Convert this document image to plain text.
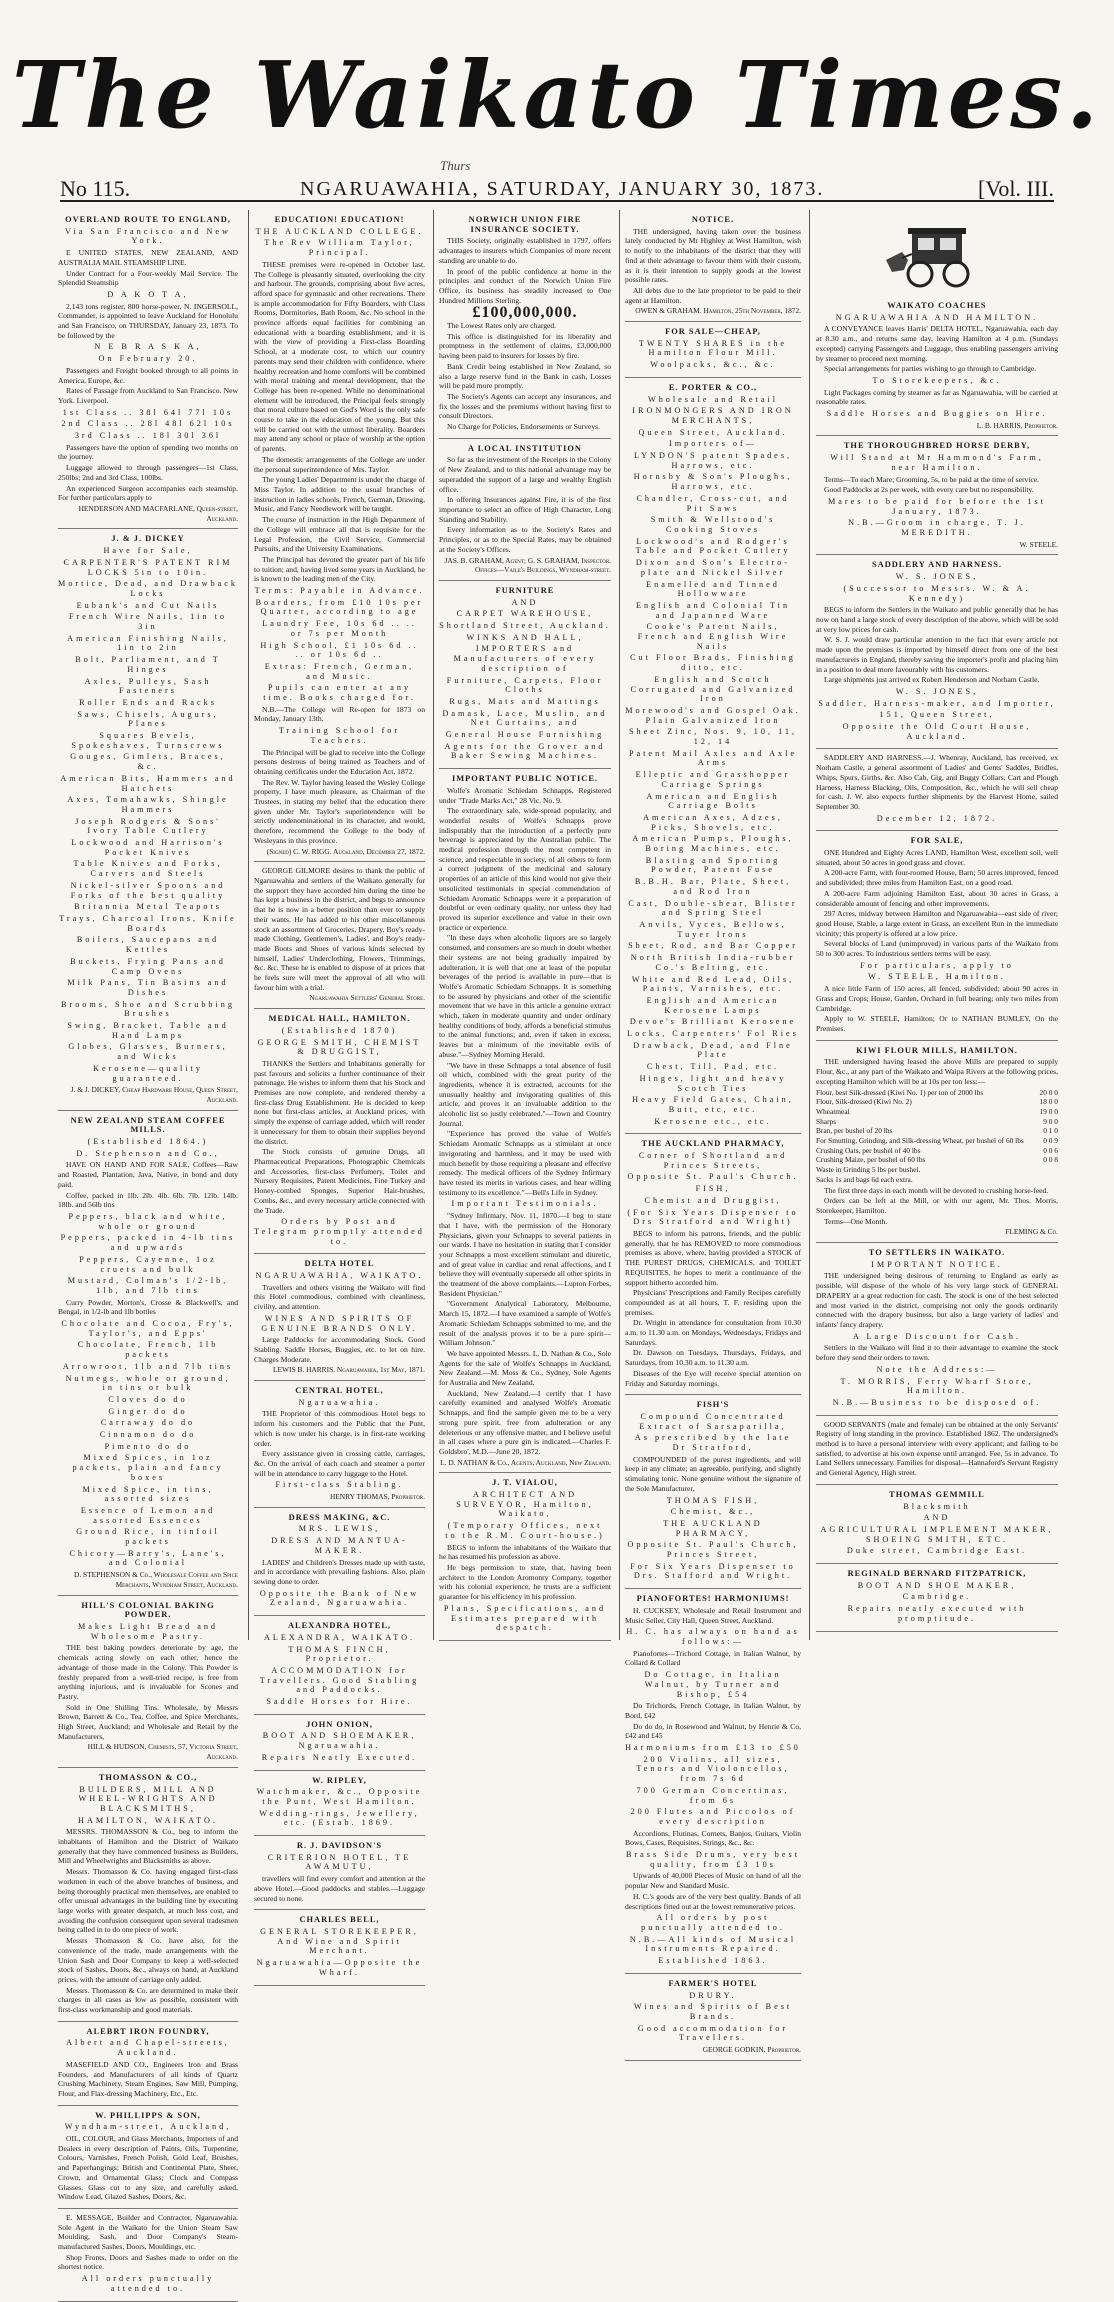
The Waikato Times.
No 115.
Thurs
NGARUAWAHIA, SATURDAY, JANUARY 30, 1873.	[Vol. III.
OVERLAND ROUTE TO ENGLAND,
Via San Francisco and New York.

E UNITED STATES, NEW ZEALAND, AND AUSTRALIA MAIL STEAMSHIP LINE.

Under Contract for a Four-weekly Mail Service. The Splendid Steamship

D A K O T A,

2,143 tons register, 800 horse-power, N. INGERSOLL, Commander, is appointed to leave Auckland for Honolulu and San Francisco, on THURSDAY, January 23, 1873. To be followed by the

N E B R A S K A,
On February 20.

Passengers and Freight booked through to all points in America, Europe, &c.

Rates of Passage from Auckland to San Francisco. New York. Liverpool.

1st Class .. 38l 64l 77l 10s
2nd Class .. 28l 48l 62l 10s
3rd Class .. 18l 30l 36l

Passengers have the option of spending two months on the journey.

Luggage allowed to through passengers—1st Class, 250lbs; 2nd and 3rd Class, 100lbs.

An experienced Surgeon accompanies each steamship. For further particulars apply to

HENDERSON AND MACFARLANE, Queen-street, Auckland.
J. & J. DICKEY
Have for Sale,
CARPENTER'S PATENT RIM LOCKS 5in to 10in.
Mortice, Dead, and Drawback Locks
Eubank's and Cut Nails
French Wire Nails, 1in to 3in
American Finishing Nails, 1in to 2in
Bolt, Parliament, and T Hinges
Axles, Pulleys, Sash Fasteners
Roller Ends and Racks
Saws, Chisels, Augurs, Planes
Squares Bevels, Spokeshaves, Turnscrews
Gouges, Gimlets, Braces, &c.
American Bits, Hammers and Hatchets
Axes, Tomahawks, Shingle Hammers
Joseph Rodgers & Sons' Ivory Table Cutlery
Lockwood and Harrison's Pocket Knives
Table Knives and Forks, Carvers and Steels
Nickel-silver Spoons and Forks of the best quality
Britannia Metal Teapots
Trays, Charcoal Irons, Knife Boards
Boilers, Saucepans and Kettles
Buckets, Frying Pans and Camp Ovens
Milk Pans, Tin Basins and Dishes
Brooms, Shoe and Scrubbing Brushes
Swing, Bracket, Table and Hand Lamps
Globes, Glasses, Burners, and Wicks
Kerosene—quality guaranteed.
J. & J. DICKEY, Cheap Hardware House, Queen Street, Auckland.
NEW ZEALAND STEAM COFFEE MILLS.
(Established 1864.)
D. Stephenson and Co.,

HAVE ON HAND AND FOR SALE, Coffees—Raw and Roasted, Plantation, Java, Native, in bond and duty paid.

Coffee, packed in 1lb. 2lb. 4lb. 6lb. 7lb. 12lb. 14lb. 18lb. and 56lb tins

Peppers, black and white, whole or ground
Peppers, packed in 4-lb tins and upwards
Peppers, Cayenne, 1oz cruets and bulk
Mustard, Colman's 1/2-lb, 1lb, and 7lb tins

Curry Powder, Morton's, Crosse & Blackwell's, and Bengal, in 1/2-lb and 1lb bottles

Chocolate and Cocoa, Fry's, Taylor's, and Epps'
Chocolate, French, 1lb packets
Arrowroot, 1lb and 7lb tins
Nutmegs, whole or ground, in tins or bulk
Cloves do do
Ginger do do
Carraway do do
Cinnamon do do
Pimento do do
Mixed Spices, in 1oz packets, plain and fancy boxes
Mixed Spice, in tins, assorted sizes
Essence of Lemon and assorted Essences
Ground Rice, in tinfoil packets
Chicory—Barry's, Lane's, and Colonial
D. STEPHENSON & Co., Wholesale Coffee and Spice Merchants, Wyndham Street, Auckland.
HILL'S COLONIAL BAKING POWDER.
Makes Light Bread and Wholesome Pastry.

THE best baking powders deteriorate by age, the chemicals acting slowly on each other, hence the advantage of those made in the Colony. This Powder is freshly prepared from a well-tried recipe, is free from anything injurious, and is invaluable for Scones and Pastry.

Sold in One Shilling Tins. Wholesale, by Messrs Brown, Barrett & Co., Tea, Coffee, and Spice Merchants, High Street, Auckland; and Wholesale and Retail by the Manufacturers,

HILL & HUDSON, Chemists, 57, Victoria Street, Auckland.
THOMASSON & CO.,
BUILDERS, MILL AND WHEEL-WRIGHTS AND BLACKSMITHS,
HAMILTON, WAIKATO.

MESSRS. THOMASSON & Co., beg to inform the inhabitants of Hamilton and the District of Waikato generally that they have commenced business as Builders, Mill and Wheelwrights and Blacksmiths as above.

Messrs. Thomasson & Co. having engaged first-class workmen in each of the above branches of business, and being thoroughly practical men themselves, are enabled to offer unusual advantages in the building line by executing large works with greater despatch, at much less cost, and avoiding the confusion consequent upon several tradesmen being called in to do one piece of work.

Messrs Thomasson & Co. have also, for the convenience of the trade, made arrangements with the Union Sash and Door Company to keep a well-selected stock of Sashes, Doors, &c., always on hand, at Auckland prices, with the amount of carriage only added.

Messrs. Thomasson & Co. are determined to make their charges in all cases as low as possible, consistent with first-class workmanship and good materials.

ALEBRT IRON FOUNDRY,
Albert and Chapel-streets, Auckland.

MASEFIELD AND CO., Engineers Iron and Brass Founders, and Manufacturers of all kinds of Quartz Crushing Machinery, Steam Engines, Saw Mill, Pumping, Flour, and Flax-dressing Machinery, Etc., Etc.

W. PHILLIPPS & SON,
Wyndham-street, Auckland,

OIL, COLOUR, and Glass Merchants, Importers of and Dealers in every description of Paints, Oils, Turpentine, Colours, Varnishes, French Polish, Gold Leaf, Brushes, and Paperhangings; British and Continental Plate, Sheet, Crown, and Ornamental Glass; Clock and Compass Glasses. Glass cut to any size, and carefully asked, Window Lead, Glazed Sashes, Doors, &c.

E. MESSAGE, Builder and Contractor, Ngaruawahia. Sole Agent in the Waikato for the Union Steam Saw Moulding, Sash, and Door Company's Steam-manufactured Sashes, Doors, Mouldings, etc.

Shop Fronts, Doors and Sashes made to order on the shortest notice.

All orders punctually attended to.
EDUCATION! EDUCATION!
THE AUCKLAND COLLEGE.
The Rev William Taylor, Principal.

THESE premises were re-opened in October last. The College is pleasantly situated, overlooking the city and harbour. The grounds, comprising about five acres, afford space for gymnastic and other recreations. There is ample accommodation for Fifty Boarders, with Class Rooms, Dormitories, Bath Room, &c. No school in the province affords equal facilities for combining an educational with a boarding establishment, and it is with the view of providing a First-class Boarding School, at a moderate cost, to which our country parents may send their children with confidence, where healthy recreation and home comforts will be combined with moral training and mental development, that the College has been re-opened. While no denominational element will be introduced, the Principal feels strongly that moral culture based on God's Word is the only safe course to take in the education of the young. But this will be carried out with the utmost liberality. Boarders may attend any school or place of worship at the option of parents.

The domestic arrangements of the College are under the personal superintendence of Mrs. Taylor.

The young Ladies' Department is under the charge of Miss Taylor. In addition to the usual branches of instruction in ladies schools, French, German, Drawing, Music, and Fancy Needlework will be taught.

The course of instruction in the High Department of the College will embrace all that is requisite for the Legal Profession, the Civil Service, Commercial Pursuits, and the University Examinations.

The Principal has devoted the greater part of his life to tuition; and, having lived some years in Auckland, he is known to the leading men of the City.

Terms: Payable in Advance.
Boarders, from £10 10s per Quarter, according to age
Laundry Fee, 10s 6d .. .. or 7s per Month
High School, £1 10s 6d .. .. or 10s 6d ..
Extras: French, German, and Music.
Pupils can enter at any time. Books charged for.

N.B.—The College will Re-open for 1873 on Monday, January 13th.

Training School for Teachers.

The Principal will be glad to receive into the College persons desirous of being trained as Teachers and of obtaining certificates under the Education Act, 1872.

The Rev. W. Taylor having leased the Wesley College property, I have much pleasure, as Chairman of the Trustees, in stating my belief that the education there given under Mr. Taylor's superintendence will be strictly undenominational in its character, and would, therefore, recommend the College to the body of Wesleyans in this province.

(Signed) C. W. RIGG. Auckland, December 27, 1872.

GEORGE GILMORE desires to thank the public of Ngaruawahia and settlers of the Waikato generally for the support they have accorded him during the time he has kept a business in the district, and begs to announce that he is now in a better position than ever to supply their wants. He has added to his other miscellaneous stock an assortment of Groceries, Drapery, Boy's ready-made Clothing, Gentlemen's, Ladies', and Boy's ready-made Boots and Shoes of various kinds selected by himself, Ladies' Underclothing, Flowers, Trimmings, &c. &c. These he is enabled to dispose of at prices that he feels sure will meet the approval of all who will favour him with a trial.

Ngaruawahia Settlers' General Store.
MEDICAL HALL, HAMILTON.
(Established 1870)
GEORGE SMITH, CHEMIST & DRUGGIST,

THANKS the Settlers and Inhabitants generally for past favours and solicits a further continuance of their patronage. He wishes to inform them that his Stock and Premises are now complete, and rendered thereby a first-class Drug Establishment. He is decided to keep none but first-class articles, at Auckland prices, with simply the expense of carriage added, which will render it unnecessary for them to obtain their supplies beyond the district.

The Stock consists of genuine Drugs, all Pharmaceutical Preparations, Photographic Chemicals and Accessories, first-class Perfumery, Toilet and Nursery Requisites, Patent Medicines, Fine Turkey and Honey-combed Sponges, Superior Hair-brushes, Combs, &c., and every necessary article connected with the Trade.

Orders by Post and Telegram promptly attended to.
DELTA HOTEL
NGARUAWAHIA, WAIKATO.

Travellers and others visiting the Waikato will find this Hotel commodious, combined with cleanliness, civility, and attention.

WINES AND SPIRITS OF GENUINE BRANDS ONLY.

Large Paddocks for accommodating Stock. Good Stabling. Saddle Horses, Buggies, etc. to let on hire. Charges Moderate.

LEWIS B. HARRIS. Ngaruawahia, 1st May, 1871.
CENTRAL HOTEL,
Ngaruawahia.

THE Proprietor of this commodious Hotel begs to inform his customers and the Public that the Punt, which is now under his charge, is in first-rate working order.

Every assistance given in crossing cattle, carriages, &c. On the arrival of each coach and steamer a porter will be in attendance to carry luggage to the Hotel.

First-class Stabling.
HENRY THOMAS, Proprietor.
DRESS MAKING, &C.
MRS. LEWIS,
DRESS AND MANTUA-MAKER.

LADIES' and Children's Dresses made up with taste, and in accordance with prevailing fashions. Also, plain sewing done to order.

Opposite the Bank of New Zealand, Ngaruawahia.
ALEXANDRA HOTEL,
ALEXANDRA, WAIKATO.
THOMAS FINCH, Proprietor.
ACCOMMODATION for Travellers. Good Stabling and Paddocks.
Saddle Horses for Hire.
JOHN ONION,
BOOT AND SHOEMAKER, Ngaruawahia.
Repairs Neatly Executed.
W. RIPLEY,
Watchmaker, &c., Opposite the Punt, West Hamilton.
Wedding-rings, Jewellery, etc. (Estab. 1869.
R. J. DAVIDSON'S
CRITERION HOTEL, TE AWAMUTU,

travellers will find every comfort and attention at the above Hotel.—Good paddocks and stables.—Luggage secured to none.

CHARLES BELL,
GENERAL STOREKEEPER, And Wine and Spirit Merchant.
Ngaruawahia—Opposite the Wharf.
NORWICH UNION FIRE INSURANCE SOCIETY.

THIS Society, originally established in 1797, offers advantages to insurers which Companies of more recent standing are unable to do.

In proof of the public confidence at home in the principles and conduct of the Norwich Union Fire Office, its business has steadily increased to One Hundred Millions Sterling.

£100,000,000.

The Lowest Rates only are charged.

This office is distinguished for its liberality and promptness in the settlement of claims, £3,000,000 having been paid to insurers for losses by fire.

Bank Credit being established in New Zealand, so also a large reserve fund in the Bank in cash, Losses will be paid more promptly.

The Society's Agents can accept any insurances, and fix the losses and the premiums without having first to consult Directors.

No Charge for Policies, Endorsements or Surveys.

A LOCAL INSTITUTION

So far as the investment of the Receipts in the Colony of New Zealand, and to this national advantage may be superadded the support of a large and wealthy English office.

In offering Insurances against Fire, it is of the first importance to select an office of High Character, Long Standing and Stability.

Every information as to the Society's Rates and Principles, or as to the Special Rates, may be obtained at the Society's Offices.

JAS. B. GRAHAM, Agent; G. S. GRAHAM, Inspector. Offices—Vaile's Buildings, Wyndham-street.
FURNITURE
AND
CARPET WAREHOUSE,
Shortland Street, Auckland.
WINKS AND HALL,
IMPORTERS and Manufacturers of every description of
Furniture, Carpets, Floor Cloths
Rugs, Mats and Mattings
Damask, Lace, Muslin, and Net Curtains, and
General House Furnishing
Agents for the Grover and Baker Sewing Machines.
IMPORTANT PUBLIC NOTICE.

Wolfe's Aromatic Schiedam Schnapps, Registered under "Trade Marks Act," 28 Vic. No. 9.

The extraordinary sale, wide-spread popularity, and wonderful results of Wolfe's Schnapps prove indisputably that the introduction of a perfectly pure beverage is appreciated by the Australian public. The medical profession through the most competent in science, and respectable in society, of all others to form a correct judgment of the medicinal and salutary properties of an article of this kind would not give their unsolicited testimonials in special commendation of Schiedam Aromatic Schnapps were it a preparation of doubtful or even ordinary quality, nor unless they had proved its superior excellence and value in their own practice or experience.

"In these days when alcoholic liquors are so largely consumed, and consumers are so much in doubt whether their systems are not being gradually impaired by adulteration, it is well that one at least of the popular beverages of the period is available in pure—that is Wolfe's Aromatic Schiedam Schnapps. It is something to be assured by physicians and other of the scientific movement that we have in this article a genuine extract which, taken in moderate quantity and under ordinary healthy conditions of body, affords a beneficial stimulus to the animal functions; and, even if taken in excess, leaves but a minimum of the inevitable evils of abuse."—Sydney Morning Herald.

"We have in these Schnapps a total absence of fusil oil which, combined with the great purity of the ingredients, whence it is extracted, accounts for the unusually healthy and invigorating qualities of this article, and proves it an invaluable addition to the alcoholic list so justly celebrated."—Town and Country Journal.

"Experience has proved the value of Wolfe's Schiedam Aromatic Schnapps as a stimulant at once invigorating and harmless, and it may be used with much benefit by those requiring a pleasant and effective remedy. The medical officers of the Sydney Infirmary have tested its merits in various cases, and hear willing testimony to its excellence."—Bell's Life in Sydney.

Important Testimonials.

"Sydney Infirmary, Nov. 11, 1870.—I beg to state that I have, with the permission of the Honorary Physicians, given your Schnapps to several patients in our wards. I have no hesitation in stating that I consider your Schnapps a most excellent stimulant and diuretic, and of great value in cardiac and renal affections, and I believe they will eventually supersede all other spirits in the treatment of the above complaints.—Lupton Forbes, Resident Physician."

"Government Analytical Laboratory, Melbourne, March 15, 1872.—I have examined a sample of Wolfe's Aromatic Schiedam Schnapps submitted to me, and the result of the analysis proves it to be a pure spirit—William Johnson."

We have appointed Messrs. L. D. Nathan & Co., Sole Agents for the sale of Wolfe's Schnapps in Auckland, New Zealand.—M. Moss & Co., Sydney, Sole Agents for Australia and New Zealand.

Auckland, New Zealand.—I certify that I have carefully examined and analysed Wolfe's Aromatic Schnapps, and find the sample given me to be a very strong pure spirit, free from adulteration or any deleterious or any offensive matter, and I believe useful in all cases where a pure gin is indicated.—Charles F. Goldsbro', M.D.—June 20, 1872.

L. D. NATHAN & Co., Agents, Auckland, New Zealand.
J. T. VIALOU,
ARCHITECT AND SURVEYOR, Hamilton, Waikato,
(Temporary Offices, next to the R.M. Court-house.)

BEGS to inform the inhabitants of the Waikato that he has resumed his profession as above.

He begs permission to state, that, having been architect to the London Aromonry Company, together with his colonial experience, he trusts are a sufficient guarantee for his efficiency in his profession.

Plans, Specifications, and Estimates prepared with despatch.
NOTICE.

THE undersigned, having taken over the business lately conducted by Mr Highley at West Hamilton, wish to notify to the inhabitants of the district that they will find at their advantage to favour them with their custom, as it is their intention to supply goods at the lowest possible rates.

All debts due to the late proprietor to be paid to their agent at Hamilton.

OWEN & GRAHAM. Hamilton, 25th November, 1872.
FOR SALE—CHEAP,
TWENTY SHARES in the Hamilton Flour Mill.
Woolpacks, &c., &c.
E. PORTER & CO.,
Wholesale and Retail
IRONMONGERS AND IRON MERCHANTS,
Queen Street, Auckland.
Importers of—
LYNDON'S patent Spades, Harrows, etc.
Hornsby & Son's Ploughs, Harrows, etc.
Chandler, Cross-cut, and Pit Saws
Smith & Wellstood's Cooking Stoves
Lockwood's and Rodger's Table and Pocket Cutlery
Dixon and Son's Electro-plate and Nickel Silver
Enamelled and Tinned Hollowware
English and Colonial Tin and Japanned Ware
Cooke's Patent Nails, French and English Wire Nails
Cut Floor Brads, Finishing ditto, etc.
English and Scotch Corrugated and Galvanized Iron
Morewood's and Gospel Oak. Plain Galvanized Iron
Sheet Zinc, Nos. 9, 10, 11, 12, 14
Patent Mail Axles and Axle Arms
Elleptic and Grasshopper Carriage Springs
American and English Carriage Bolts
American Axes, Adzes, Picks, Shovels, etc.
American Pumps, Ploughs, Boring Machines, etc.
Blasting and Sporting Powder, Patent Fuse
B.B.H. Bar, Plate, Sheet, and Rod Iron
Cast, Double-shear, Blister and Spring Steel
Anvils, Vyces, Bellows, Tuyer Irons
Sheet, Rod, and Bar Copper
North British India-rubber Co.'s Belting, etc.
White and Red Lead, Oils, Paints, Varnishes, etc.
English and American Kerosene Lamps
Devoe's Brilliant Kerosene
Locks, Carpenters' Fol Ries
Drawback, Dead, and Flne Plate
Chest, Till, Pad, etc.
Hinges, light and heavy Scotch Ties
Heavy Field Gates, Chain, Butt, etc, etc.
Kerosene etc., etc.
THE AUCKLAND PHARMACY,
Corner of Shortland and Princes Streets,
Opposite St. Paul's Church.
FISH,
Chemist and Druggist,
(For Six Years Dispenser to Drs Stratford and Wright)

BEGS to inform his patrons, friends, and the public generally, that he has REMOVED to more commodious premises as above, where, having provided a STOCK of THE PUREST DRUGS, CHEMICALS, and TOILET REQUISITES, he hopes to merit a continuance of the support hitherto accorded him.

Physicians' Prescriptions and Family Recipes carefully compounded as at all hours, T. F. residing upon the premises.

Dr. Wright in attendance for consultation from 10.30 a.m. to 11.30 a.m. on Mondays, Wednesdays, Fridays and Saturdays.

Dr. Dawson on Tuesdays, Thursdays, Fridays, and Saturdays, from 10.30 a.m. to 11.30 a.m.

Diseases of the Eye will receive special attention on Friday and Saturday mornings.

FISH'S
Compound Concentrated Extract of Sarsaparilla,
As prescribed by the late Dr Stratford,

COMPOUNDED of the purest ingredients, and will keep in any climate; an agreeable, purifying, and slightly stimulating tonic. None genuine without the signature of the Sole Manufacturer,

THOMAS FISH,
Chemist, &c.,
THE AUCKLAND PHARMACY,
Opposite St. Paul's Church, Princes Street,
For Six Years Dispenser to Drs. Stafford and Wright.
PIANOFORTES! HARMONIUMS!

H. CUCKSEY, Wholesale and Retail Instrument and Music Seller, City Hall, Queen Street, Auckland.

H. C. has always on hand as follows:—

Pianofortes—Trichord Cottage, in Italian Walnut, by Collard & Collard

Do Cottage, in Italian Walnut, by Turner and Bishop, £54

Do Trichords, French Cottage, in Italian Walnut, by Bord, £42

Do do do, in Rosewood and Walnut, by Henrie & Co, £42 and £45

Harmoniums from £13 to £50
200 Violins, all sizes, Tenors and Violoncellos, from 7s 6d
700 German Concertinas, from 6s
200 Flutes and Piccolos of every description

Accordions, Flutinas, Cornets, Banjos, Guitars, Violin Bows, Cases, Requisites, Strings, &c., &c.

Brass Side Drums, very best quality, from £3 10s

Upwards of 40,000 Pieces of Music on hand of all the popular New and Standard Music.

H. C.'s goods are of the very best quality. Bands of all descriptions fitted out at the lowest remunerative prices.

All orders by post punctually attended to.
N.B.—All kinds of Musical Instruments Repaired.
Established 1863.
FARMER'S HOTEL
DRURY.
Wines and Spirits of Best Brands.
Good accommodation for Travellers.
GEORGE GODKIN, Proprietor.
WAIKATO COACHES
NGARUAWAHIA AND HAMILTON.

A CONVEYANCE leaves Harris' DELTA HOTEL, Ngaruawahia, each day at 8.30 a.m., and returns same day, leaving Hamilton at 4 p.m. (Sundays excepted) carrying Passengers and Luggage, thus enabling passengers arriving by steamer to proceed next morning.

Special arrangements for parties wishing to go through to Cambridge.

To Storekeepers, &c.

Light Packages coming by steamer as far as Ngaruawahia, will be carried at reasonable rates.

Saddle Horses and Buggies on Hire.
L. B. HARRIS, Proprietor.
THE THOROUGHBRED HORSE DERBY,
Will Stand at Mr Hammond's Farm, near Hamilton.

Terms—To each Mare; Grooming, 5s, to be paid at the time of service.

Good Paddocks at 2s per week, with every care but no responsibility.

Mares to be paid for before the 1st January, 1873.
N.B.—Groom in charge, T. J. MEREDITH.
W. STEELE.
SADDLERY AND HARNESS.
W. S. JONES,
(Successor to Messrs. W. & A. Kennedy)

BEGS to inform the Settlers in the Waikato and public generally that he has now on hand a large stock of every description of the above, which will be sold at very low prices for cash.

W. S. J. would draw particular attention to the fact that every article not made upon the premises is imported by himself direct from one of the best manufacturers in England, thereby saving the importer's profit and placing him in a position to deal more favourably with his customers.

Large shipments just arrived ex Robert Henderson and Norham Castle.

W. S. JONES,
Saddler, Harness-maker, and Importer,
151, Queen Street,
Opposite the Old Court House, Auckland.

SADDLERY AND HARNESS.—J. Whenray, Auckland, has received, ex Norham Castle, a general assortment of Ladies' and Gents' Saddles, Bridles, Whips, Spurs, Girths, &c. Also Cab, Gig, and Buggy Collars, Cart and Plough Harness, Harness Blacking, Oils, Composition, &c., which he will sell cheap for cash. J. W. also expects further shipments by the Harvest Home, sailed September 30.

December 12, 1872.
FOR SALE,

ONE Hundred and Eighty Acres LAND, Hamilton West, excellent soil, well situated, about 50 acres in good grass and clover.

A 200-acre Farm, with four-roomed House, Barn; 50 acres improved, fenced and subdivided; three miles from Hamilton East, on a good road.

A 200-acre Farm adjoining Hamilton East, about 30 acres in Grass, a considerable amount of fencing and other improvements.

297 Acres, midway between Hamilton and Ngaruawahia—east side of river; good House, Stable, a large extent in Grass, an excellent Run in the immediate vicinity; this property is offered at a low price.

Several blocks of Land (unimproved) in various parts of the Waikato from 50 to 300 acres. To industrious settlers terms will be easy.

For particulars, apply to
W. STEELE, Hamilton.

A nice little Farm of 150 acres, all fenced, subdivided; about 90 acres in Grass and Crops; House, Garden, Orchard in full bearing; only two miles from Cambridge.

Apply to W. STEELE, Hamilton; Or to NATHAN BUMLEY, On the Premises.

KIWI FLOUR MILLS, HAMILTON.

THE undersigned having leased the above Mills are prepared to supply Flour, &c., at any part of the Waikato and Waipa Rivers at the following prices, excepting Hamilton which will be at 10s per ton less:—

Flour, best Silk-dressed (Kiwi No. 1) per ton of 2000 lbs	20 0 0
Flour, Silk-dressed (Kiwi No. 2)	18 0 0
Wheatmeal	19 0 0
Sharps	9 0 0
Bran, per bushel of 20 lbs	0 1 0
For Smutting, Grinding, and Silk-dressing Wheat, per bushel of 60 lbs	0 0 9
Crushing Oats, per bushel of 40 lbs	0 0 6
Crushing Maize, per bushel of 60 lbs	0 0 8
Waste in Grinding 5 lbs per bushel.	
Sacks 1s and bags 6d each extra.	

The first three days in each month will be devoted to crushing horse-feed.

Orders can be left at the Mill, or with our agent, Mr. Thos. Morris, Storekeeper, Hamilton.

Terms—One Month.

FLEMING & Co.
TO SETTLERS IN WAIKATO.
IMPORTANT NOTICE.

THE undersigned being desirous of returning to England as early as possible, will dispose of the whole of his very large stock of GENERAL DRAPERY at a great reduction for cash. The stock is one of the best selected and most varied in the district, comprising not only the goods ordinarily connected with the drapery business, but also a large variety of ladies' and infants' fancy drapery.

A Large Discount for Cash.

Settlers in the Waikato will find it to their advantage to examine the stock before they send their orders to town.

Note the Address:—
T. MORRIS, Ferry Wharf Store, Hamilton.
N.B.—Business to be disposed of.

GOOD SERVANTS (male and female) can be obtained at the only Servants' Registry of long standing in the province. Established 1862. The undersigned's method is to have a personal interview with every applicant; and failing to be satisfied, to advertise at his own expense until arranged. Fee, 5s in advance. To Land Sellers unnecessary. Families for disposal—Hannaford's Servant Registry and General Agency, High street.

THOMAS GEMMILL
Blacksmith
AND
AGRICULTURAL IMPLEMENT MAKER, SHOEING SMITH, ETC.
Duke street, Cambridge East.
REGINALD BERNARD FITZPATRICK,
BOOT AND SHOE MAKER,
Cambridge.
Repairs neatly executed with promptitude.
